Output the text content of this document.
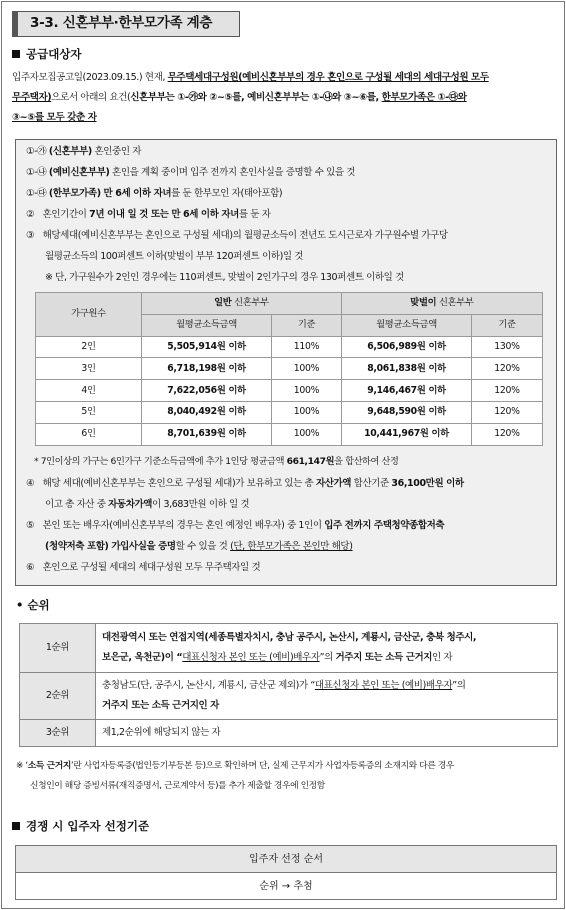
3-3. 신혼부부·한부모가족 계층
공급대상자

입주자모집공고일(2023.09.15.) 현재, 무주택세대구성원(예비신혼부부의 경우 혼인으로 구성될 세대의 세대구성원 모두

무주택자)으로서 아래의 요건(신혼부부는 ①-㉮와 ②~⑤를, 예비신혼부부는 ①-㉯와 ③~⑥를, 한부모가족은 ①-㉰와

③~⑤를 모두 갖춘 자

①-㉮ (신혼부부) 혼인중인 자
①-㉯ (예비신혼부부) 혼인을 계획 중이며 입주 전까지 혼인사실을 증명할 수 있을 것
①-㉰ (한부모가족) 만 6세 이하 자녀를 둔 한부모인 자(태아포함)
② 혼인기간이 7년 이내 일 것 또는 만 6세 이하 자녀를 둔 자
③ 해당세대(예비신혼부부는 혼인으로 구성될 세대)의 월평균소득이 전년도 도시근로자 가구원수별 가구당
월평균소득의 100퍼센트 이하(맞벌이 부부 120퍼센트 이하)일 것
※ 단, 가구원수가 2인인 경우에는 110퍼센트, 맞벌이 2인가구의 경우 130퍼센트 이하일 것
가구원수	일반 신혼부부		맞벌이 신혼부부	
	월평균소득금액	기준	월평균소득금액	기준
2인	5,505,914원 이하	110%	6,506,989원 이하	130%
3인	6,718,198원 이하	100%	8,061,838원 이하	120%
4인	7,622,056원 이하	100%	9,146,467원 이하	120%
5인	8,040,492원 이하	100%	9,648,590원 이하	120%
6인	8,701,639원 이하	100%	10,441,967원 이하	120%
* 7인이상의 가구는 6인가구 기준소득금액에 추가 1인당 평균금액 661,147원을 합산하여 산정
④ 해당 세대(예비신혼부부는 혼인으로 구성될 세대)가 보유하고 있는 총 자산가액 합산기준 36,100만원 이하
이고 총 자산 중 자동차가액이 3,683만원 이하 일 것
⑤ 본인 또는 배우자(예비신혼부부의 경우는 혼인 예정인 배우자) 중 1인이 입주 전까지 주택청약종합저축
(청약저축 포함) 가입사실을 증명할 수 있을 것 (단, 한부모가족은 본인만 해당)
⑥ 혼인으로 구성될 세대의 세대구성원 모두 무주택자일 것
• 순위
1순위	대전광역시 또는 연접지역(세종특별자치시, 충남 공주시, 논산시, 계룡시, 금산군, 충북 청주시,
보은군, 옥천군)이 “대표신청자 본인 또는 (예비)배우자”의 거주지 또는 소득 근거지인 자

2순위	충청남도(단, 공주시, 논산시, 계룡시, 금산군 제외)가 “대표신청자 본인 또는 (예비)배우자”의
거주지 또는 소득 근거지인 자

3순위	제1,2순위에 해당되지 않는 자
※ ‘소득 근거지’란 사업자등록증(법인등기부등본 등)으로 확인하며 단, 실제 근무지가 사업자등록증의 소재지와 다른 경우
신청인이 해당 증빙서류(재직증명서, 근로계약서 등)를 추가 제출할 경우에 인정함
경쟁 시 입주자 선정기준
입주자 선정 순서
순위 → 추첨
